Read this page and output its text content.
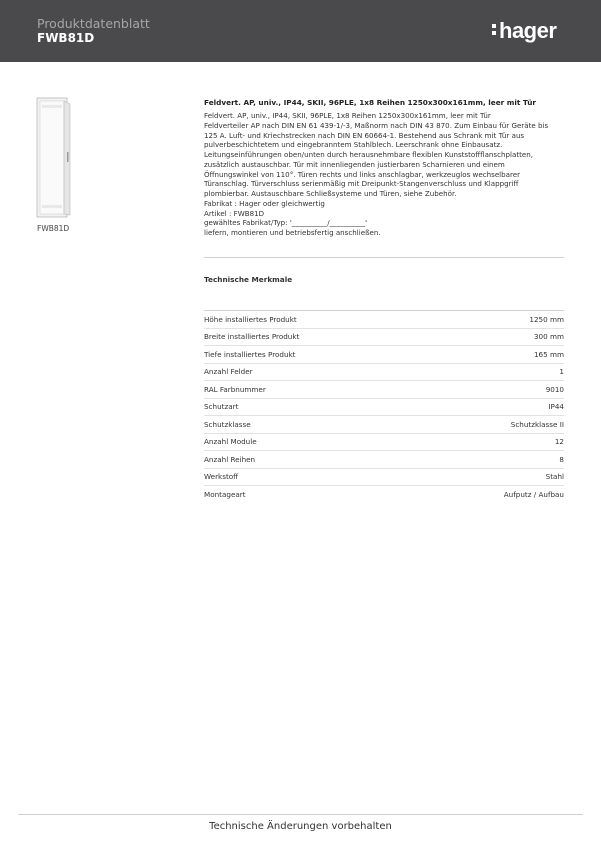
Produktdatenblatt
FWB81D	hager
FWB81D

Feldvert. AP, univ., IP44, SKII, 96PLE, 1x8 Reihen 1250x300x161mm, leer mit Tür

Feldvert. AP, univ., IP44, SKII, 96PLE, 1x8 Reihen 1250x300x161mm, leer mit Tür
Feldverteiler AP nach DIN EN 61 439-1/-3, Maßnorm nach DIN 43 870. Zum Einbau für Geräte bis
125 A. Luft- und Kriechstrecken nach DIN EN 60664-1. Bestehend aus Schrank mit Tür aus
pulverbeschichtetem und eingebranntem Stahlblech. Leerschrank ohne Einbausatz.
Leitungseinführungen oben/unten durch herausnehmbare flexiblen Kunststoffflanschplatten,
zusätzlich austauschbar. Tür mit innenliegenden justierbaren Scharnieren und einem
Öffnungswinkel von 110°. Türen rechts und links anschlagbar, werkzeuglos wechselbarer
Türanschlag. Türverschluss serienmäßig mit Dreipunkt-Stangenverschluss und Klappgriff
plombierbar. Austauschbare Schließsysteme und Türen, siehe Zubehör.
Fabrikat : Hager oder gleichwertig
Artikel : FWB81D
gewähltes Fabrikat/Typ: '__________/__________'
liefern, montieren und betriebsfertig anschließen.
Technische Merkmale
Höhe installiertes Produkt	1250 mm
Breite installiertes Produkt	300 mm
Tiefe installiertes Produkt	165 mm
Anzahl Felder	1
RAL Farbnummer	9010
Schutzart	IP44
Schutzklasse	Schutzklasse II
Anzahl Module	12
Anzahl Reihen	8
Werkstoff	Stahl
Montageart	Aufputz / Aufbau
Technische Änderungen vorbehalten
